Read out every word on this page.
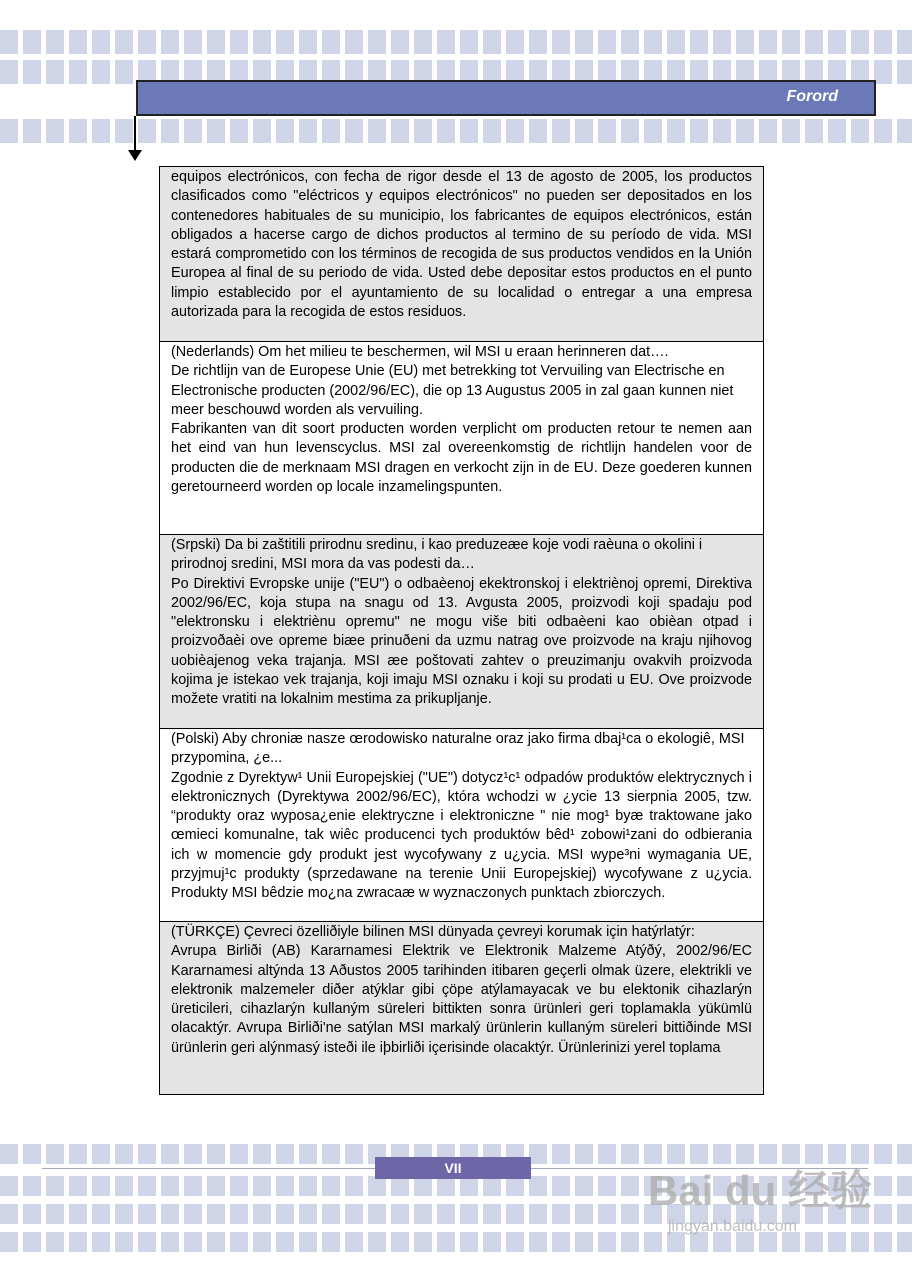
Forord

equipos electrónicos, con fecha de rigor desde el 13 de agosto de 2005, los productos clasificados como "eléctricos y equipos electrónicos" no pueden ser depositados en los contenedores habituales de su municipio, los fabricantes de equipos electrónicos, están obligados a hacerse cargo de dichos productos al termino de su período de vida. MSI estará comprometido con los términos de recogida de sus productos vendidos en la Unión Europea al final de su periodo de vida. Usted debe depositar estos productos en el punto limpio establecido por el ayuntamiento de su localidad o entregar a una empresa autorizada para la recogida de estos residuos.

(Nederlands) Om het milieu te beschermen, wil MSI u eraan herinneren dat….

De richtlijn van de Europese Unie (EU) met betrekking tot Vervuiling van Electrische en Electronische producten (2002/96/EC), die op 13 Augustus 2005 in zal gaan kunnen niet meer beschouwd worden als vervuiling.

Fabrikanten van dit soort producten worden verplicht om producten retour te nemen aan het eind van hun levenscyclus. MSI zal overeenkomstig de richtlijn handelen voor de producten die de merknaam MSI dragen en verkocht zijn in de EU. Deze goederen kunnen geretourneerd worden op locale inzamelingspunten.

(Srpski) Da bi zaštitili prirodnu sredinu, i kao preduzeæe koje vodi raèuna o okolini i prirodnoj sredini, MSI mora da vas podesti da…

Po Direktivi Evropske unije ("EU") o odbaèenoj ekektronskoj i elektriènoj opremi, Direktiva 2002/96/EC, koja stupa na snagu od 13. Avgusta 2005, proizvodi koji spadaju pod "elektronsku i elektriènu opremu" ne mogu više biti odbaèeni kao obièan otpad i proizvoðaèi ove opreme biæe prinuðeni da uzmu natrag ove proizvode na kraju njihovog uobièajenog veka trajanja. MSI æe poštovati zahtev o preuzimanju ovakvih proizvoda kojima je istekao vek trajanja, koji imaju MSI oznaku i koji su prodati u EU. Ove proizvode možete vratiti na lokalnim mestima za prikupljanje.

(Polski) Aby chroniæ nasze œrodowisko naturalne oraz jako firma dbaj¹ca o ekologiê, MSI przypomina, ¿e...

Zgodnie z Dyrektyw¹ Unii Europejskiej ("UE") dotycz¹c¹ odpadów produktów elektrycznych i elektronicznych (Dyrektywa 2002/96/EC), która wchodzi w ¿ycie 13 sierpnia 2005, tzw. “produkty oraz wyposa¿enie elektryczne i elektroniczne " nie mog¹ byæ traktowane jako œmieci komunalne, tak wiêc producenci tych produktów bêd¹ zobowi¹zani do odbierania ich w momencie gdy produkt jest wycofywany z u¿ycia. MSI wype³ni wymagania UE, przyjmuj¹c produkty (sprzedawane na terenie Unii Europejskiej) wycofywane z u¿ycia. Produkty MSI bêdzie mo¿na zwracaæ w wyznaczonych punktach zbiorczych.

(TÜRKÇE) Çevreci özelliðiyle bilinen MSI dünyada çevreyi korumak için hatýrlatýr:

Avrupa Birliði (AB) Kararnamesi Elektrik ve Elektronik Malzeme Atýðý, 2002/96/EC Kararnamesi altýnda 13 Aðustos 2005 tarihinden itibaren geçerli olmak üzere, elektrikli ve elektronik malzemeler diðer atýklar gibi çöpe atýlamayacak ve bu elektonik cihazlarýn üreticileri, cihazlarýn kullaným süreleri bittikten sonra ürünleri geri toplamakla yükümlü olacaktýr. Avrupa Birliði'ne satýlan MSI markalý ürünlerin kullaným süreleri bittiðinde MSI ürünlerin geri alýnmasý isteði ile iþbirliði içerisinde olacaktýr. Ürünlerinizi yerel toplama

VII	Bai du 经验
jingyan.baidu.com
